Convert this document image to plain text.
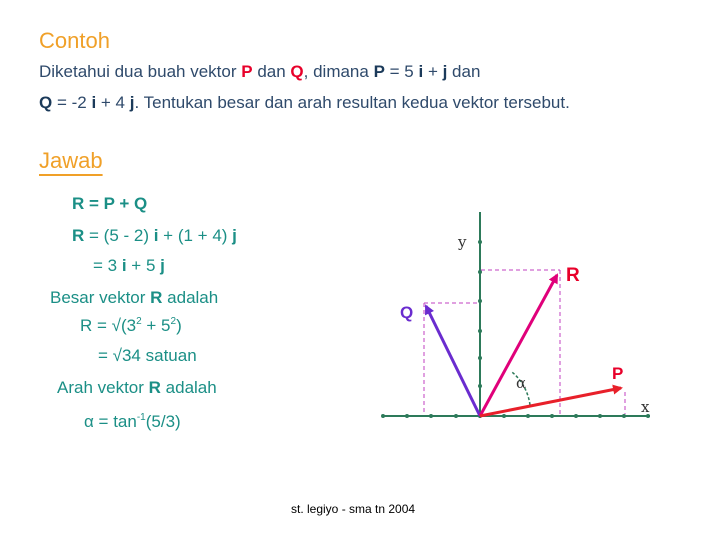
Contoh
Diketahui dua buah vektor P dan Q, dimana P = 5 i + j dan
Q = -2 i + 4 j. Tentukan besar dan arah resultan kedua vektor tersebut.
Jawab
R = P + Q
R = (5 - 2) i + (1 + 4) j
= 3 i + 5 j
Besar vektor R adalah
$R = √(3^2 + 5^2)$
= √34 satuan
Arah vektor R adalah
$\alpha = \tan^{-1}(5/3)$
y
x
R
Q
P
α
st. legiyo - sma tn 2004
